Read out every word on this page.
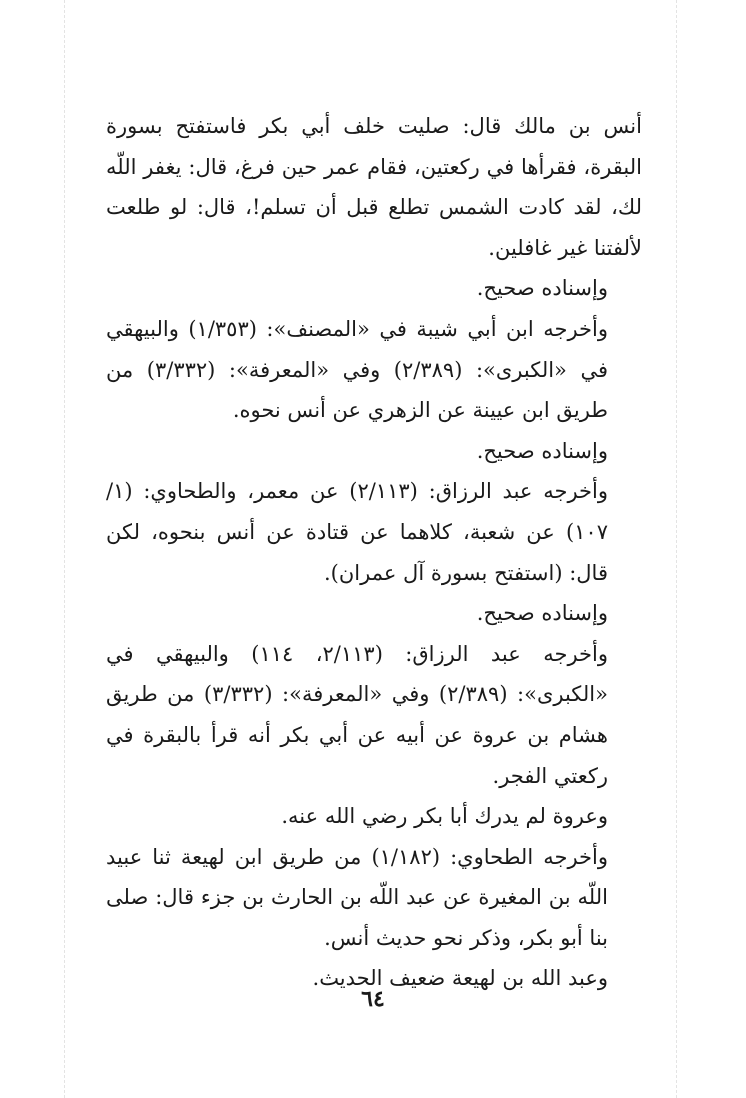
أنس بن مالك قال: صليت خلف أبي بكر فاستفتح بسورة البقرة، فقرأها في ركعتين، فقام عمر حين فرغ، قال: يغفر اللّه لك، لقد كادت الشمس تطلع قبل أن تسلم!، قال: لو طلعت لألفتنا غير غافلين.

وإسناده صحيح.

وأخرجه ابن أبي شيبة في «المصنف»: (١/٣٥٣) والبيهقي في «الكبرى»: (٢/٣٨٩) وفي «المعرفة»: (٣/٣٣٢) من طريق ابن عيينة عن الزهري عن أنس نحوه.

وإسناده صحيح.

وأخرجه عبد الرزاق: (٢/١١٣) عن معمر، والطحاوي: (١/ ١٠٧) عن شعبة، كلاهما عن قتادة عن أنس بنحوه، لكن قال: (استفتح بسورة آل عمران).

وإسناده صحيح.

وأخرجه عبد الرزاق: (٢/١١٣، ١١٤) والبيهقي في «الكبرى»: (٢/٣٨٩) وفي «المعرفة»: (٣/٣٣٢) من طريق هشام بن عروة عن أبيه عن أبي بكر أنه قرأ بالبقرة في ركعتي الفجر.

وعروة لم يدرك أبا بكر رضي الله عنه.

وأخرجه الطحاوي: (١/١٨٢) من طريق ابن لهيعة ثنا عبيد اللّه بن المغيرة عن عبد اللّه بن الحارث بن جزء قال: صلى بنا أبو بكر، وذكر نحو حديث أنس.

وعبد الله بن لهيعة ضعيف الحديث.

٦٤
